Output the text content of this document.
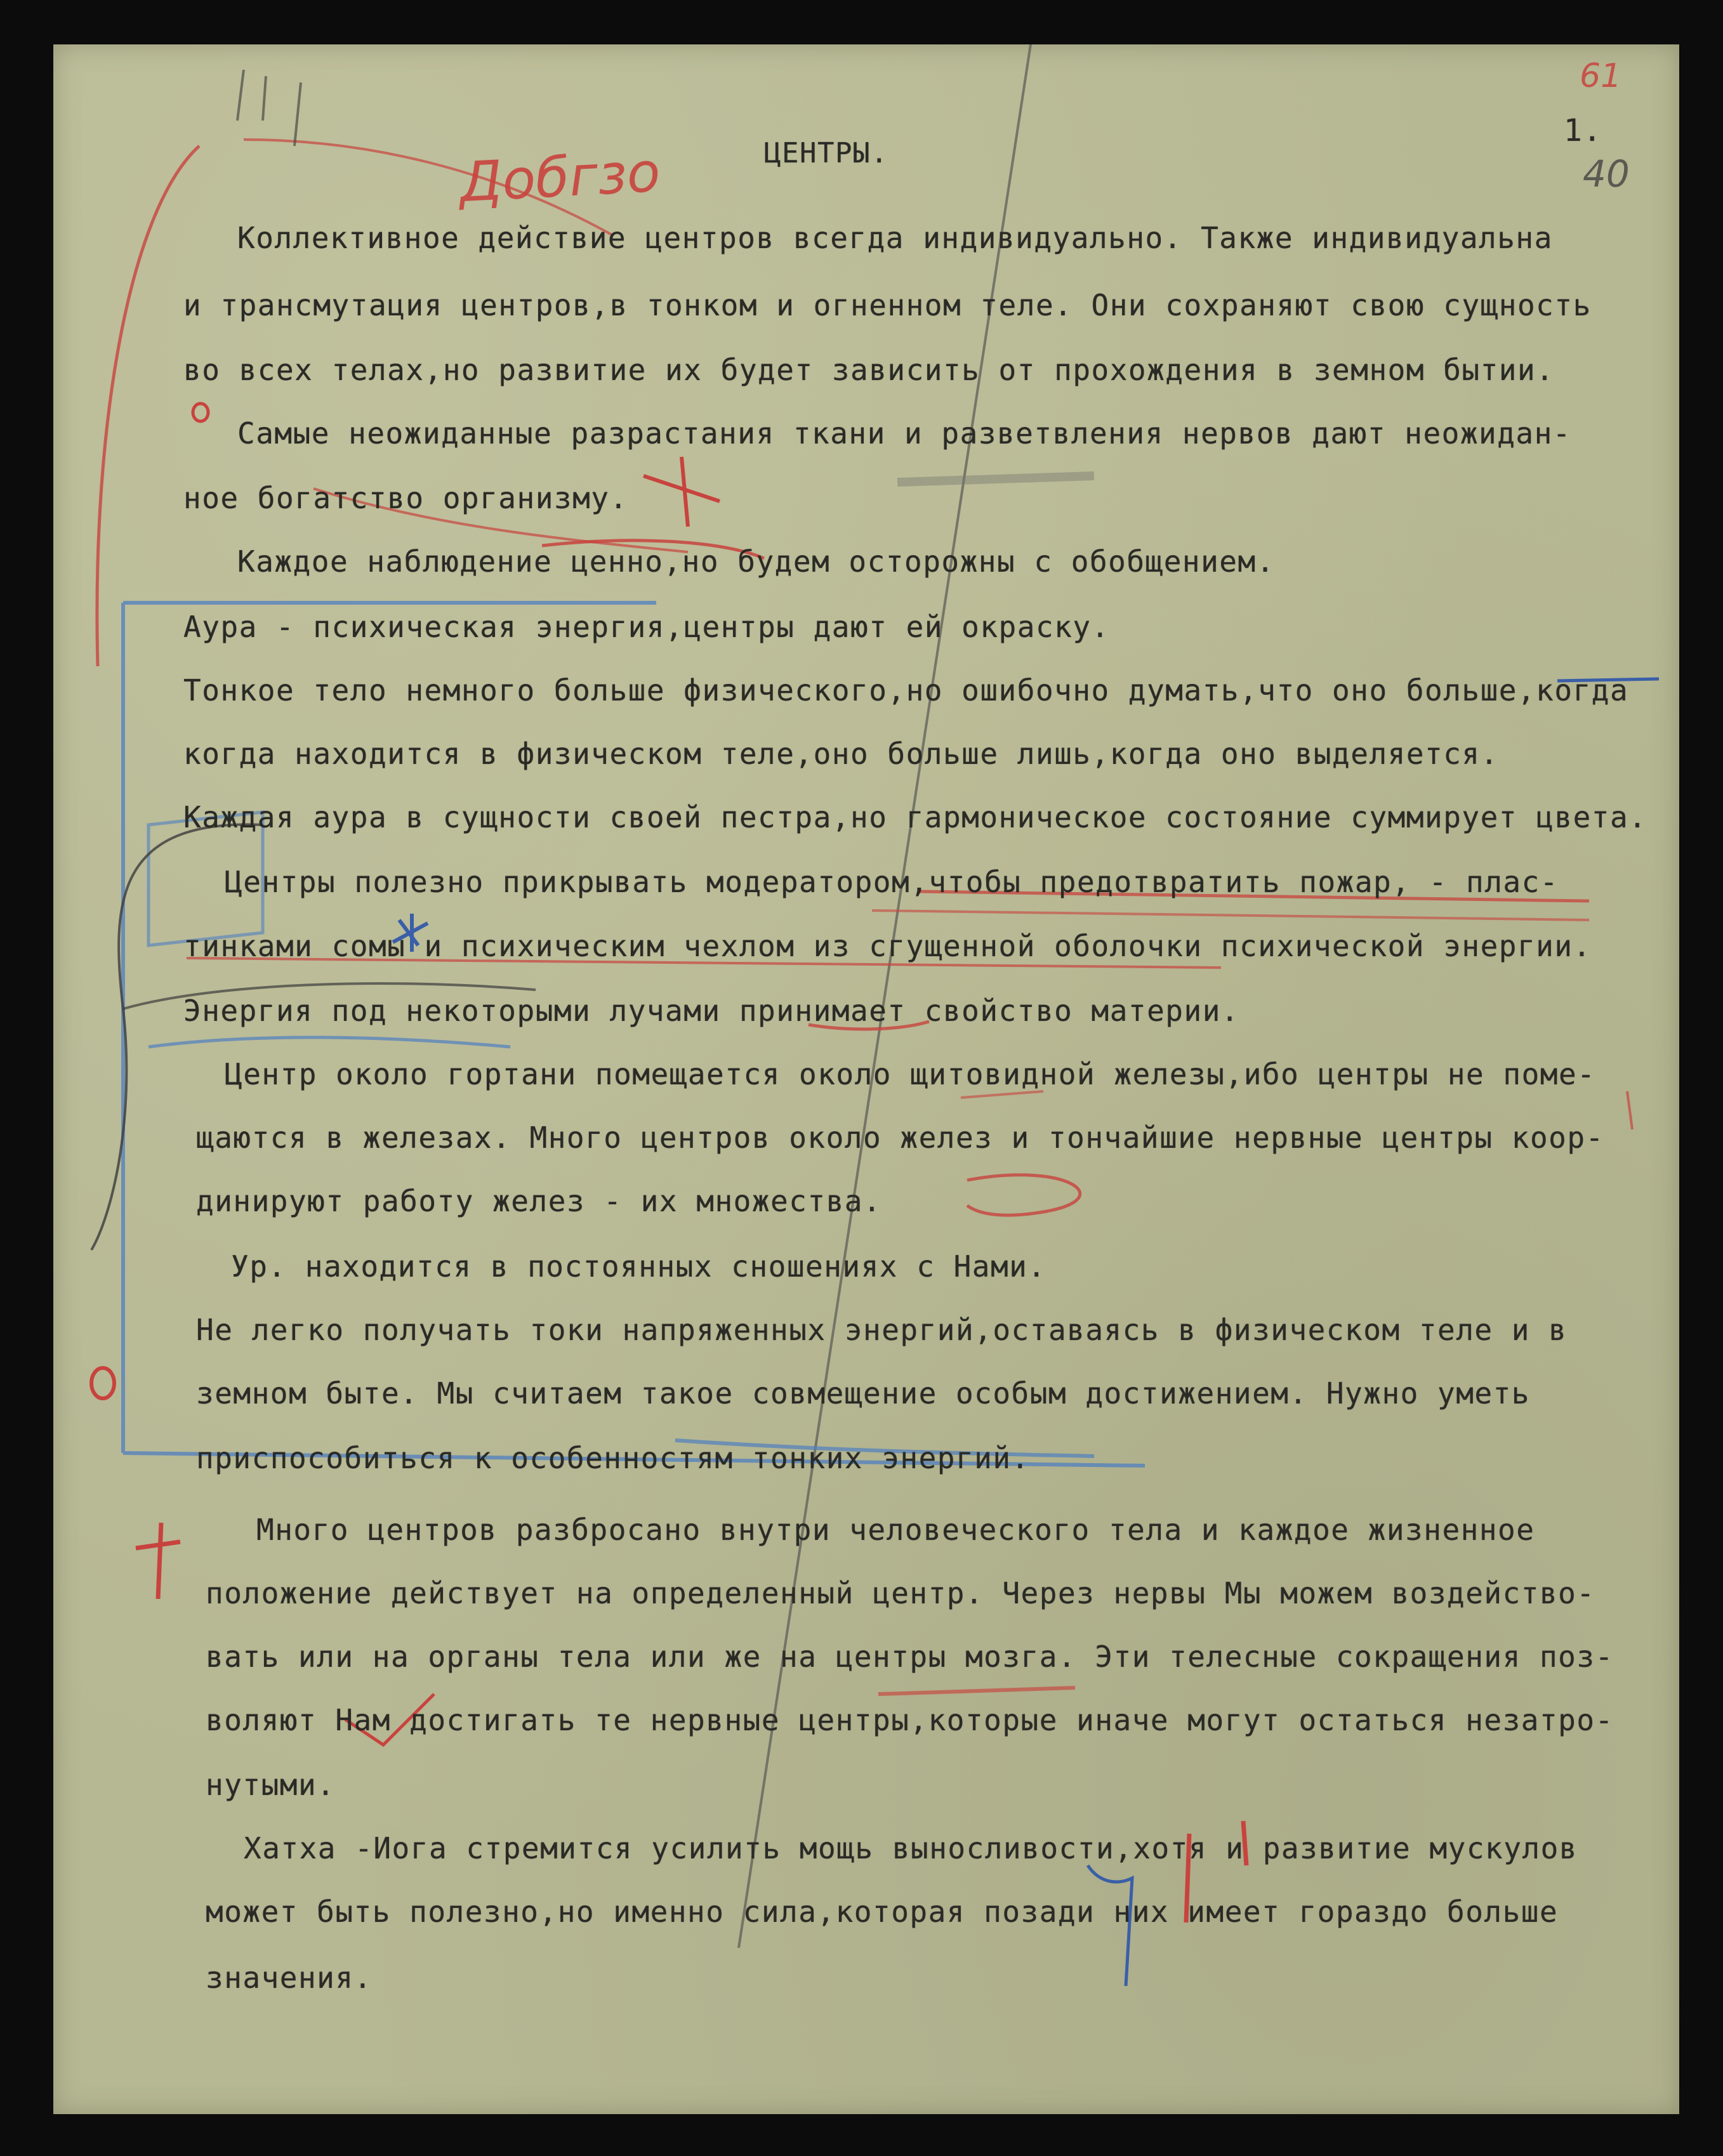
Добгзо
61
40
ЦЕНТРЫ.
1.
Коллективное действие центров всегда индивидуально. Также индивидуальна
и трансмутация центров,в тонком и огненном теле. Они сохраняют свою сущность
во всех телах,но развитие их будет зависить от прохождения в земном бытии.
Самые неожиданные разрастания ткани и разветвления нервов дают неожидан-
ное богатство организму.
Каждое наблюдение ценно,но будем осторожны с обобщением.
Аура - психическая энергия,центры дают ей окраску.
Тонкое тело немного больше физического,но ошибочно думать,что оно больше,когда
когда находится в физическом теле,оно больше лишь,когда оно выделяется.
Каждая аура в сущности своей пестра,но гармоническое состояние суммирует цвета.
Центры полезно прикрывать модератором,чтобы предотвратить пожар, - плас-
тинками сомы и психическим чехлом из сгущенной оболочки психической энергии.
Энергия под некоторыми лучами принимает свойство материи.
Центр около гортани помещается около щитовидной железы,ибо центры не поме-
щаются в железах. Много центров около желез и тончайшие нервные центры коор-
динируют работу желез - их множества.
Ур. находится в постоянных сношениях с Нами.
Не легко получать токи напряженных энергий,оставаясь в физическом теле и в
земном быте. Мы считаем такое совмещение особым достижением. Нужно уметь
приспособиться к особенностям тонких энергий.
Много центров разбросано внутри человеческого тела и каждое жизненное
положение действует на определенный центр. Через нервы Мы можем воздейство-
вать или на органы тела или же на центры мозга. Эти телесные сокращения поз-
воляют Нам достигать те нервные центры,которые иначе могут остаться незатро-
нутыми.
Хатха -Иога стремится усилить мощь выносливости,хотя и развитие мускулов
может быть полезно,но именно сила,которая позади них имеет гораздо больше
значения.
